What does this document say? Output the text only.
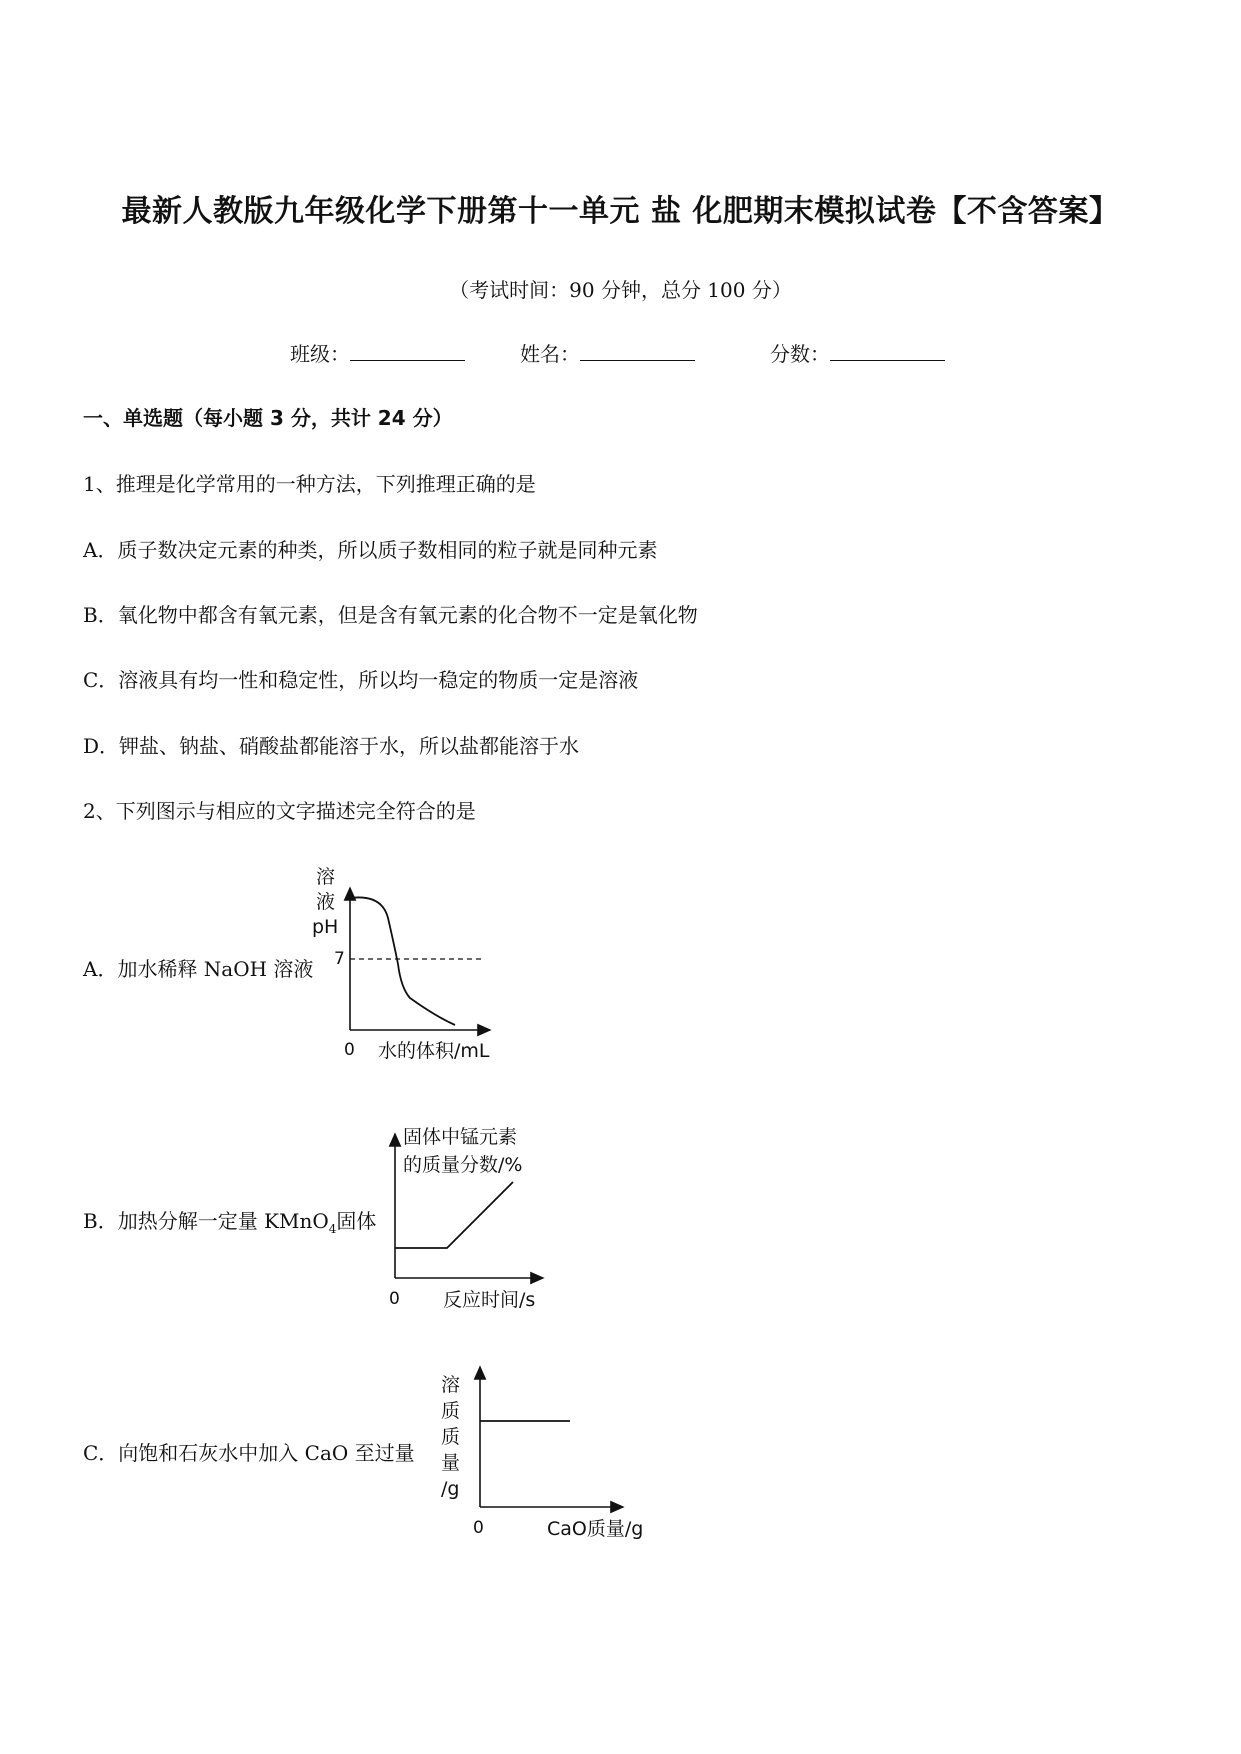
最新人教版九年级化学下册第十一单元 盐 化肥期末模拟试卷【不含答案】
（考试时间：90 分钟，总分 100 分）
班级：	姓名：	分数：
一、单选题（每小题 3 分，共计 24 分）
1、推理是化学常用的一种方法，下列推理正确的是
A．质子数决定元素的种类，所以质子数相同的粒子就是同种元素
B．氧化物中都含有氧元素，但是含有氧元素的化合物不一定是氧化物
C．溶液具有均一性和稳定性，所以均一稳定的物质一定是溶液
D．钾盐、钠盐、硝酸盐都能溶于水，所以盐都能溶于水
2、下列图示与相应的文字描述完全符合的是
A．加水稀释 NaOH 溶液
溶
液
pH
7
0 水的体积/mL
B．加热分解一定量 KMnO$_4$固体
固体中锰元素
的质量分数/%
0 反应时间/s
C．向饱和石灰水中加入 CaO 至过量
溶
质
质
量
/g
0	CaO质量/g
